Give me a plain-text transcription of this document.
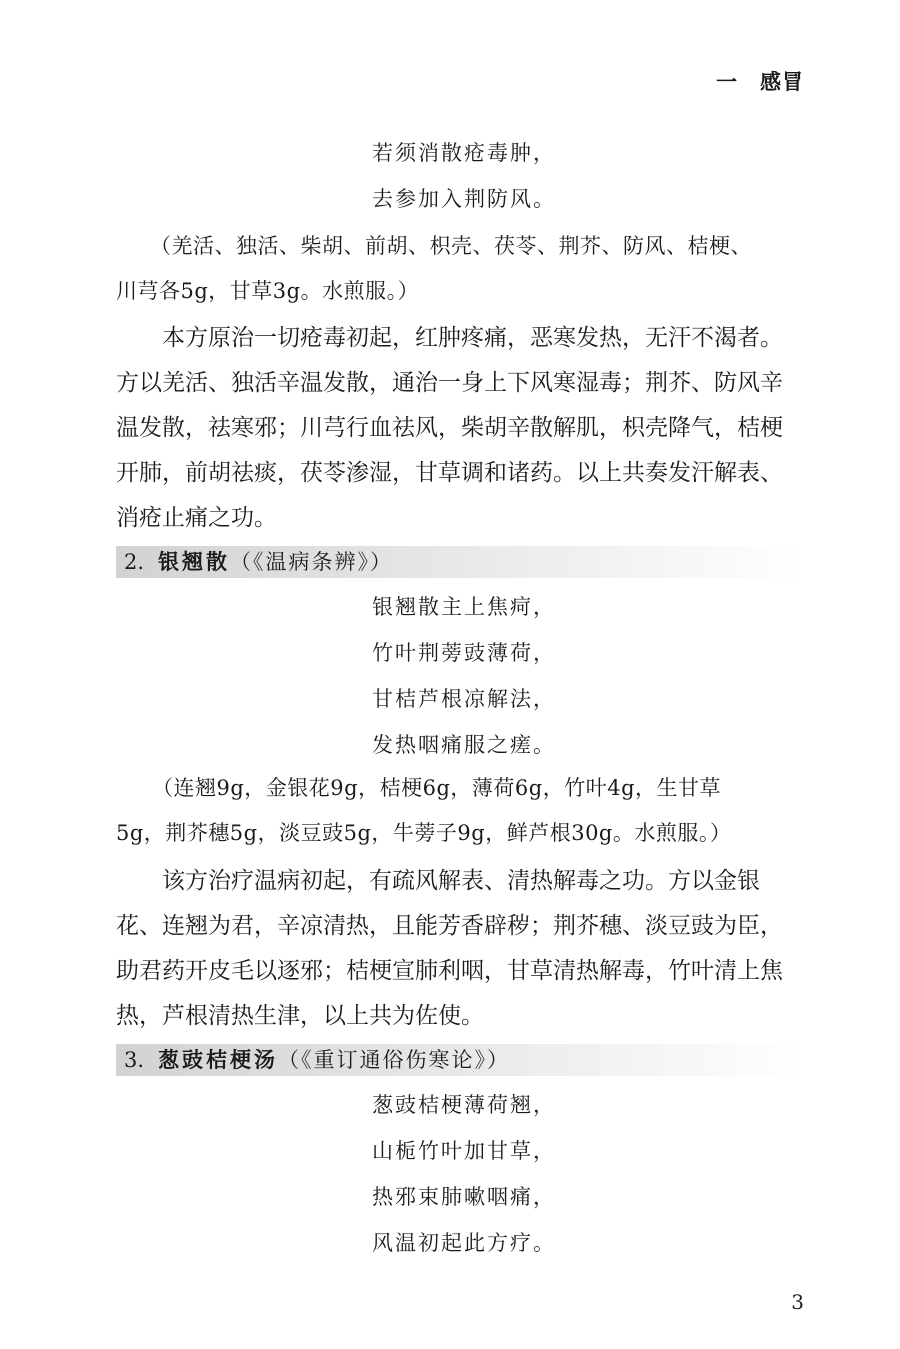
一 感冒
若须消散疮毒肿，
去参加入荆防风。
（羌活、独活、柴胡、前胡、枳壳、茯苓、荆芥、防风、桔梗、
川芎各5g，甘草3g。水煎服。）
　　本方原治一切疮毒初起，红肿疼痛，恶寒发热，无汗不渴者。
方以羌活、独活辛温发散，通治一身上下风寒湿毒；荆芥、防风辛
温发散，祛寒邪；川芎行血祛风，柴胡辛散解肌，枳壳降气，桔梗
开肺，前胡祛痰，茯苓渗湿，甘草调和诸药。以上共奏发汗解表、
消疮止痛之功。
2. 银翘散（《温病条辨》）
银翘散主上焦疴，
竹叶荆蒡豉薄荷，
甘桔芦根凉解法，
发热咽痛服之瘥。
（连翘9g，金银花9g，桔梗6g，薄荷6g，竹叶4g，生甘草
5g，荆芥穗5g，淡豆豉5g，牛蒡子9g，鲜芦根30g。水煎服。）
　　该方治疗温病初起，有疏风解表、清热解毒之功。方以金银
花、连翘为君，辛凉清热，且能芳香辟秽；荆芥穗、淡豆豉为臣，
助君药开皮毛以逐邪；桔梗宣肺利咽，甘草清热解毒，竹叶清上焦
热，芦根清热生津，以上共为佐使。
3. 葱豉桔梗汤（《重订通俗伤寒论》）
葱豉桔梗薄荷翘，
山栀竹叶加甘草，
热邪束肺嗽咽痛，
风温初起此方疗。
3
